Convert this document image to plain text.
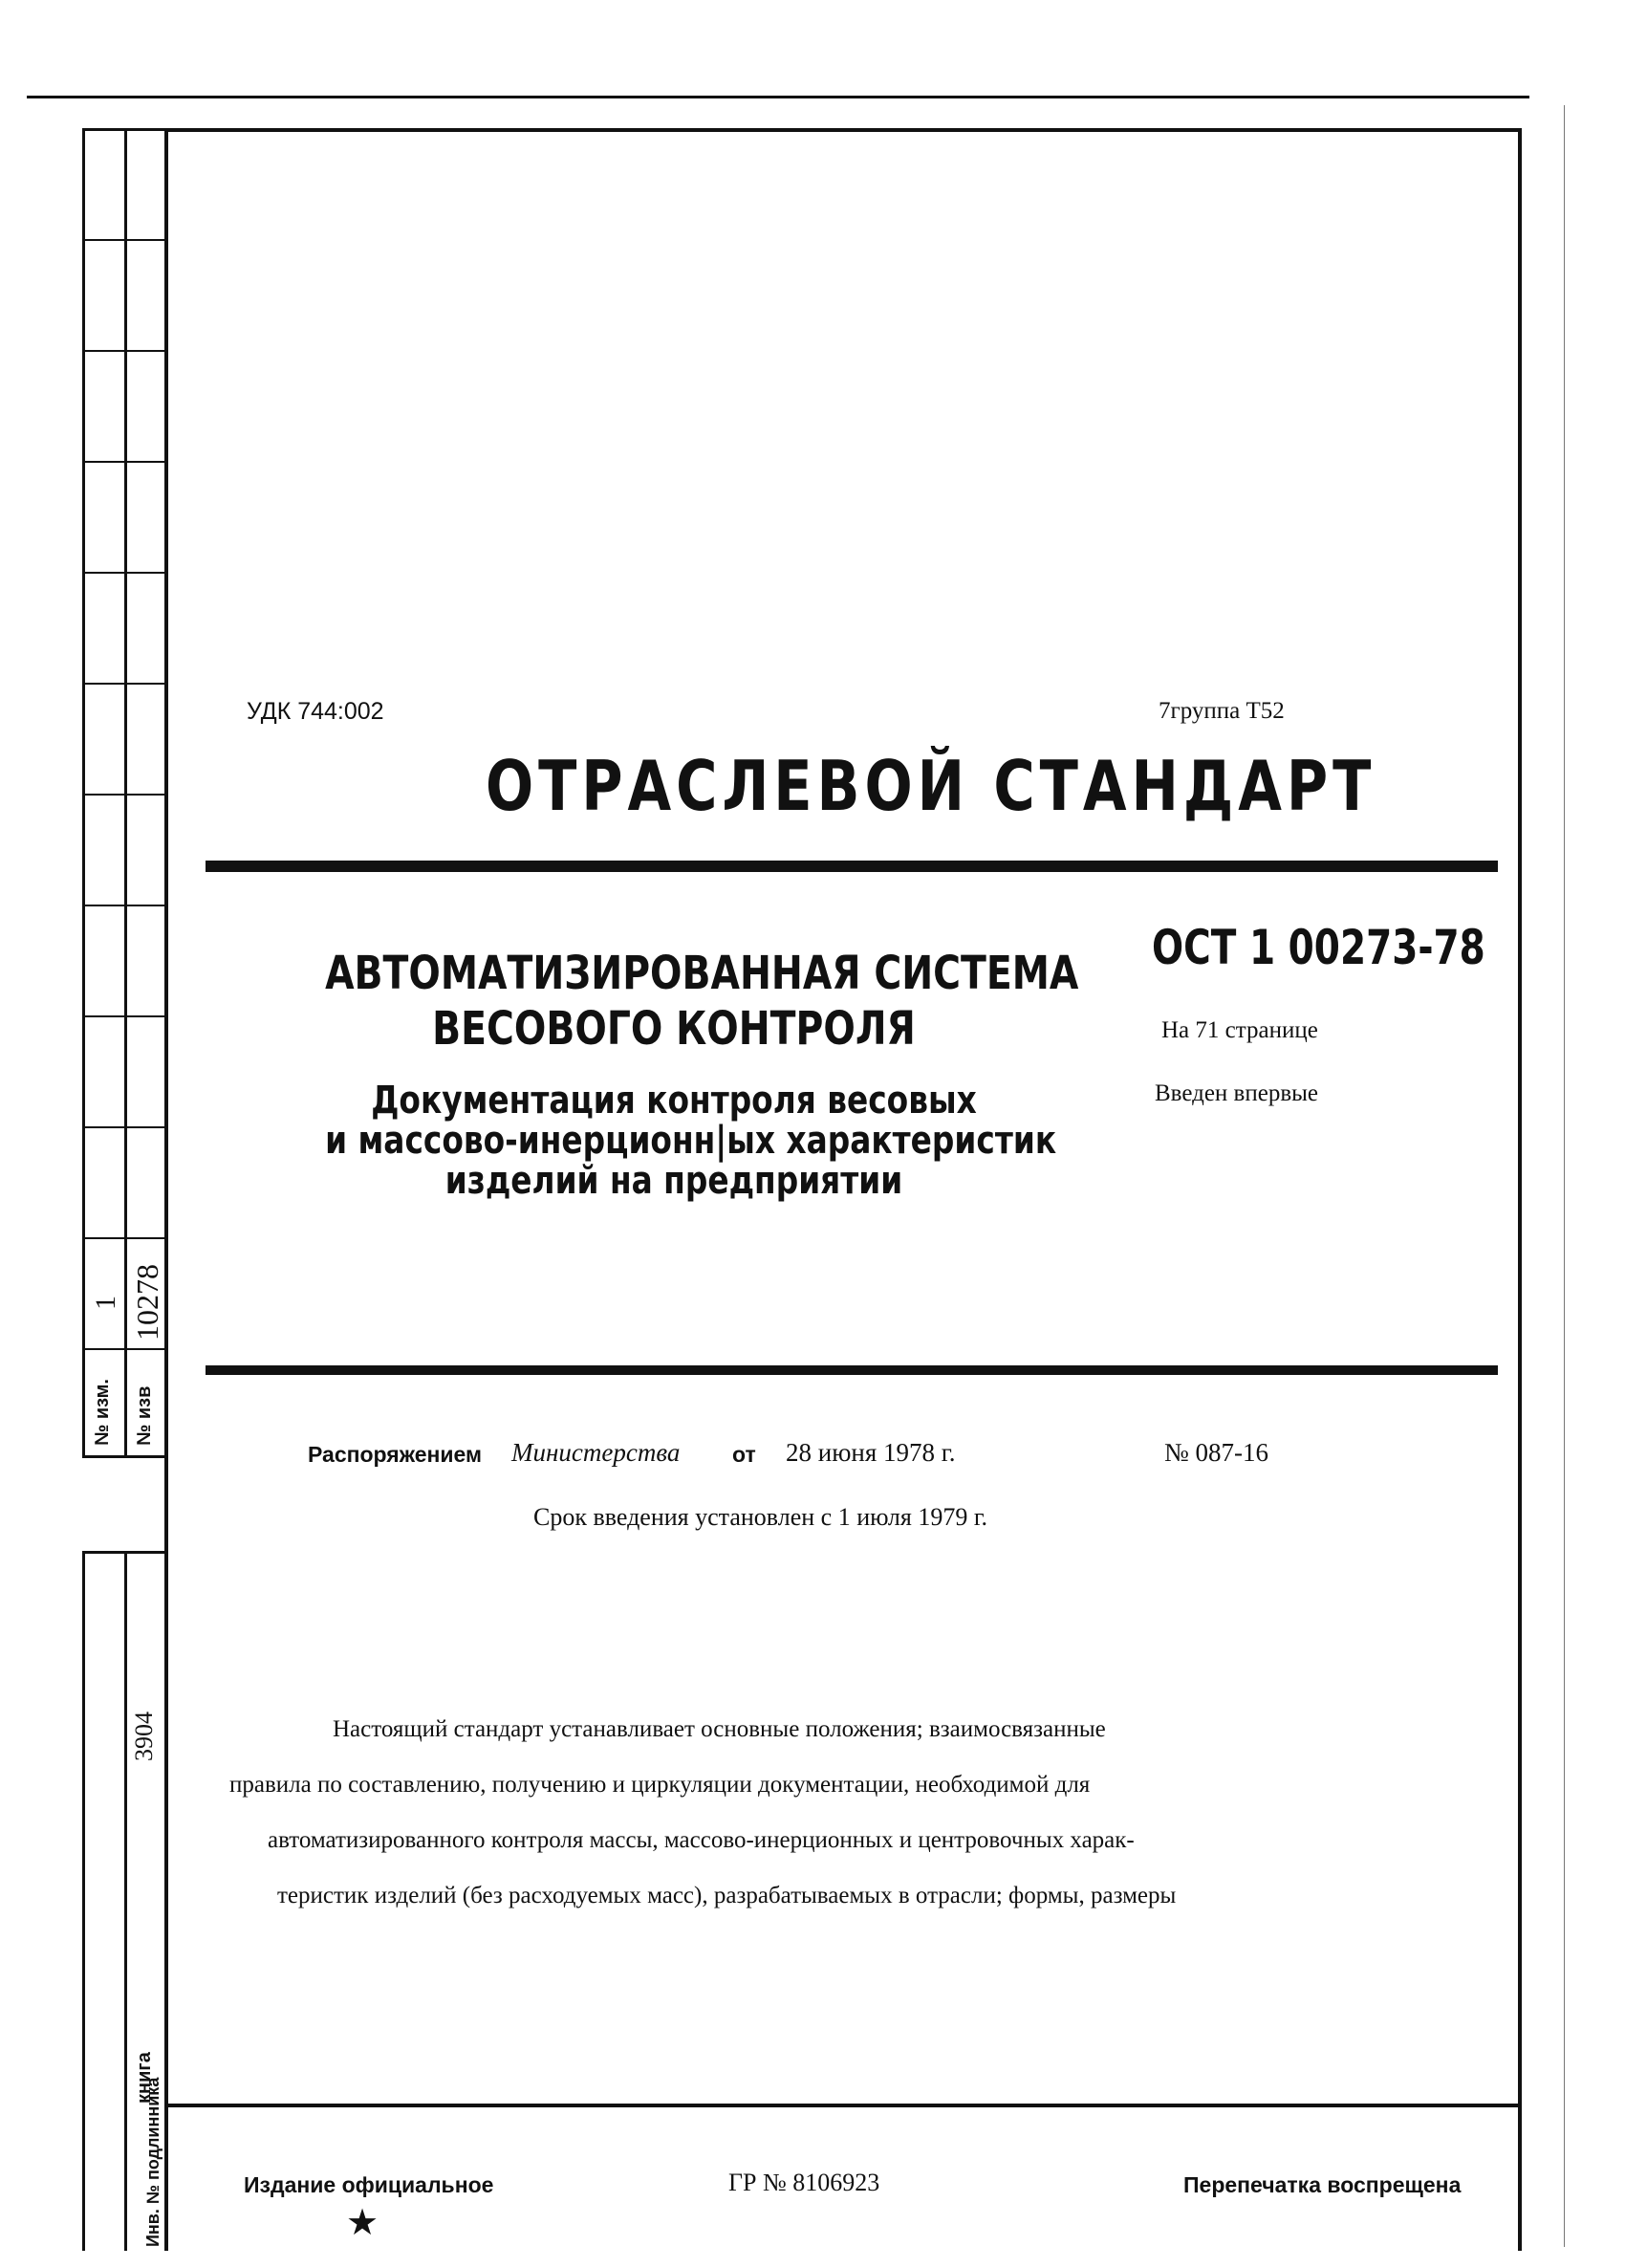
1 10278
№ изм. № изв
3904
книга
Инв. № подлинника
УДК 744:002	7группа Т52
ОТРАСЛЕВОЙ СТАНДАРТ
АВТОМАТИЗИРОВАННАЯ СИСТЕМА
ВЕСОВОГО КОНТРОЛЯ
Документация контроля весовых
и массово-инерционн|ых характеристик
изделий на предприятии
ОСТ 1 00273-78
На 71 странице
Введен впервые
Распоряжением Министерства от 28 июня 1978 г.	№ 087-16
Срок введения установлен с 1 июля 1979 г.
Настоящий стандарт устанавливает основные положения; взаимосвязанные
правила по составлению, получению и циркуляции документации, необходимой для
автоматизированного контроля массы, массово-инерционных и центровочных харак-
теристик изделий (без расходуемых масс), разрабатываемых в отрасли; формы, размеры
Издание официальное
★
ГР № 8106923	Перепечатка воспрещена
